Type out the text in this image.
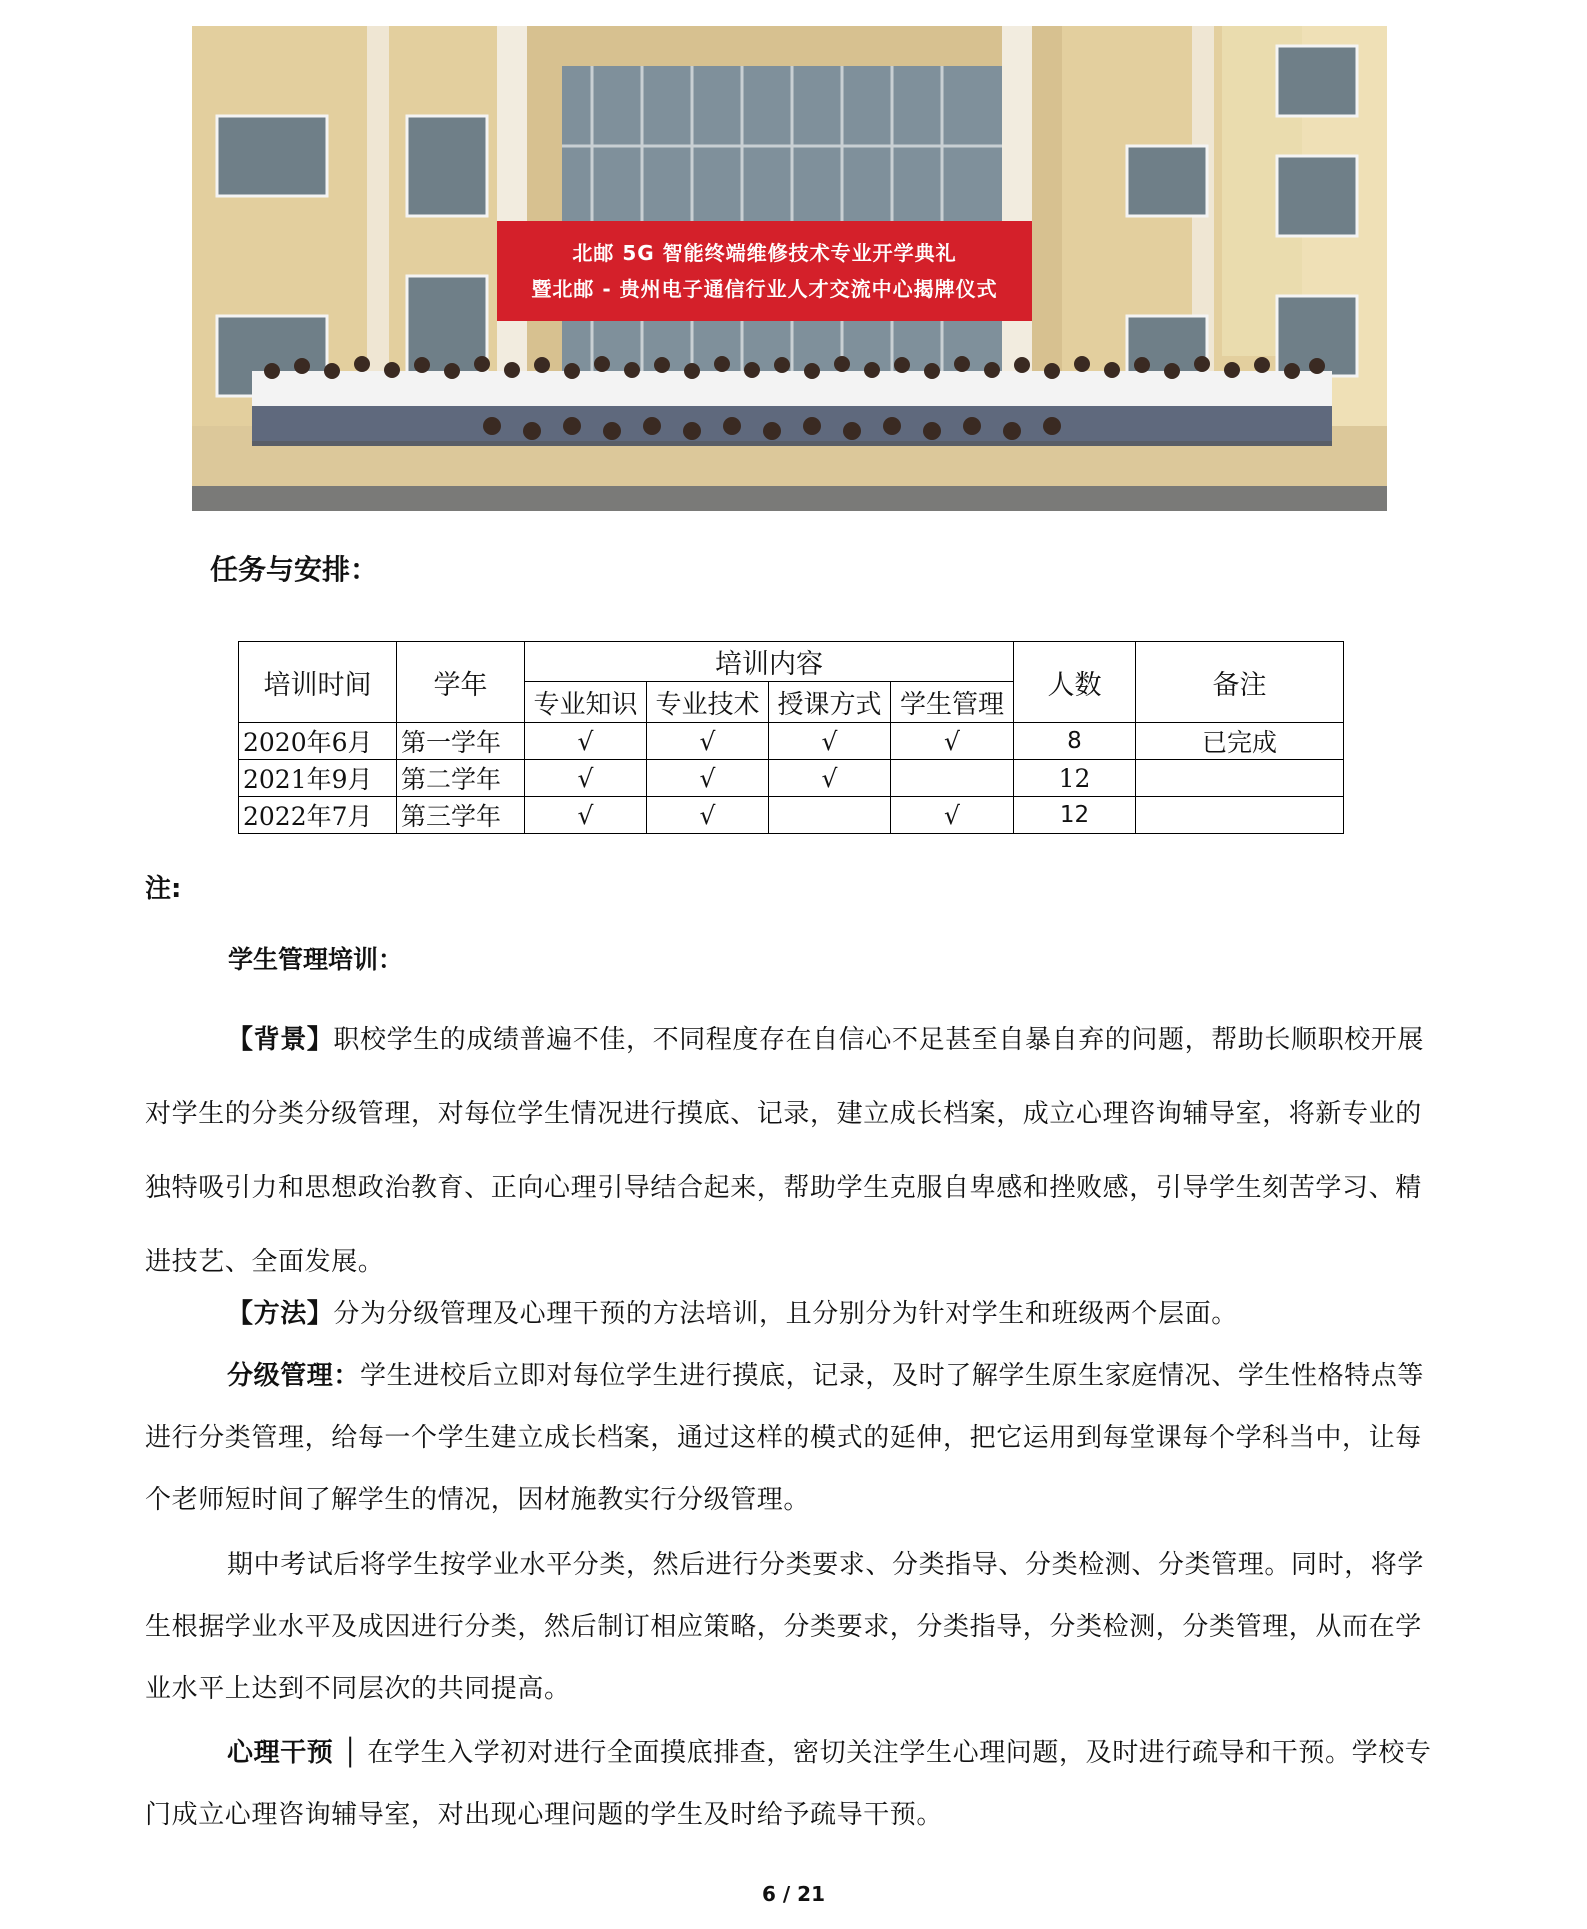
北邮 5G 智能终端维修技术专业开学典礼
暨北邮 - 贵州电子通信行业人才交流中心揭牌仪式
任务与安排：
培训时间	学年	培训内容				人数	备注
		专业知识	专业技术	授课方式	学生管理		
2020年6月	第一学年	√	√	√	√	8	已完成
2021年9月	第二学年	√	√	√		12	
2022年7月	第三学年	√	√		√	12	
注:
学生管理培训：

【背景】职校学生的成绩普遍不佳，不同程度存在自信心不足甚至自暴自弃的问题，帮助长顺职校开展对学生的分类分级管理，对每位学生情况进行摸底、记录，建立成长档案，成立心理咨询辅导室，将新专业的独特吸引力和思想政治教育、正向心理引导结合起来，帮助学生克服自卑感和挫败感，引导学生刻苦学习、精进技艺、全面发展。

【方法】分为分级管理及心理干预的方法培训，且分别分为针对学生和班级两个层面。

分级管理：学生进校后立即对每位学生进行摸底，记录，及时了解学生原生家庭情况、学生性格特点等进行分类管理，给每一个学生建立成长档案，通过这样的模式的延伸，把它运用到每堂课每个学科当中，让每个老师短时间了解学生的情况，因材施教实行分级管理。

期中考试后将学生按学业水平分类，然后进行分类要求、分类指导、分类检测、分类管理。同时，将学生根据学业水平及成因进行分类，然后制订相应策略，分类要求，分类指导，分类检测，分类管理，从而在学业水平上达到不同层次的共同提高。

心理干预 │ 在学生入学初对进行全面摸底排查，密切关注学生心理问题，及时进行疏导和干预。学校专门成立心理咨询辅导室，对出现心理问题的学生及时给予疏导干预。

6 / 21
